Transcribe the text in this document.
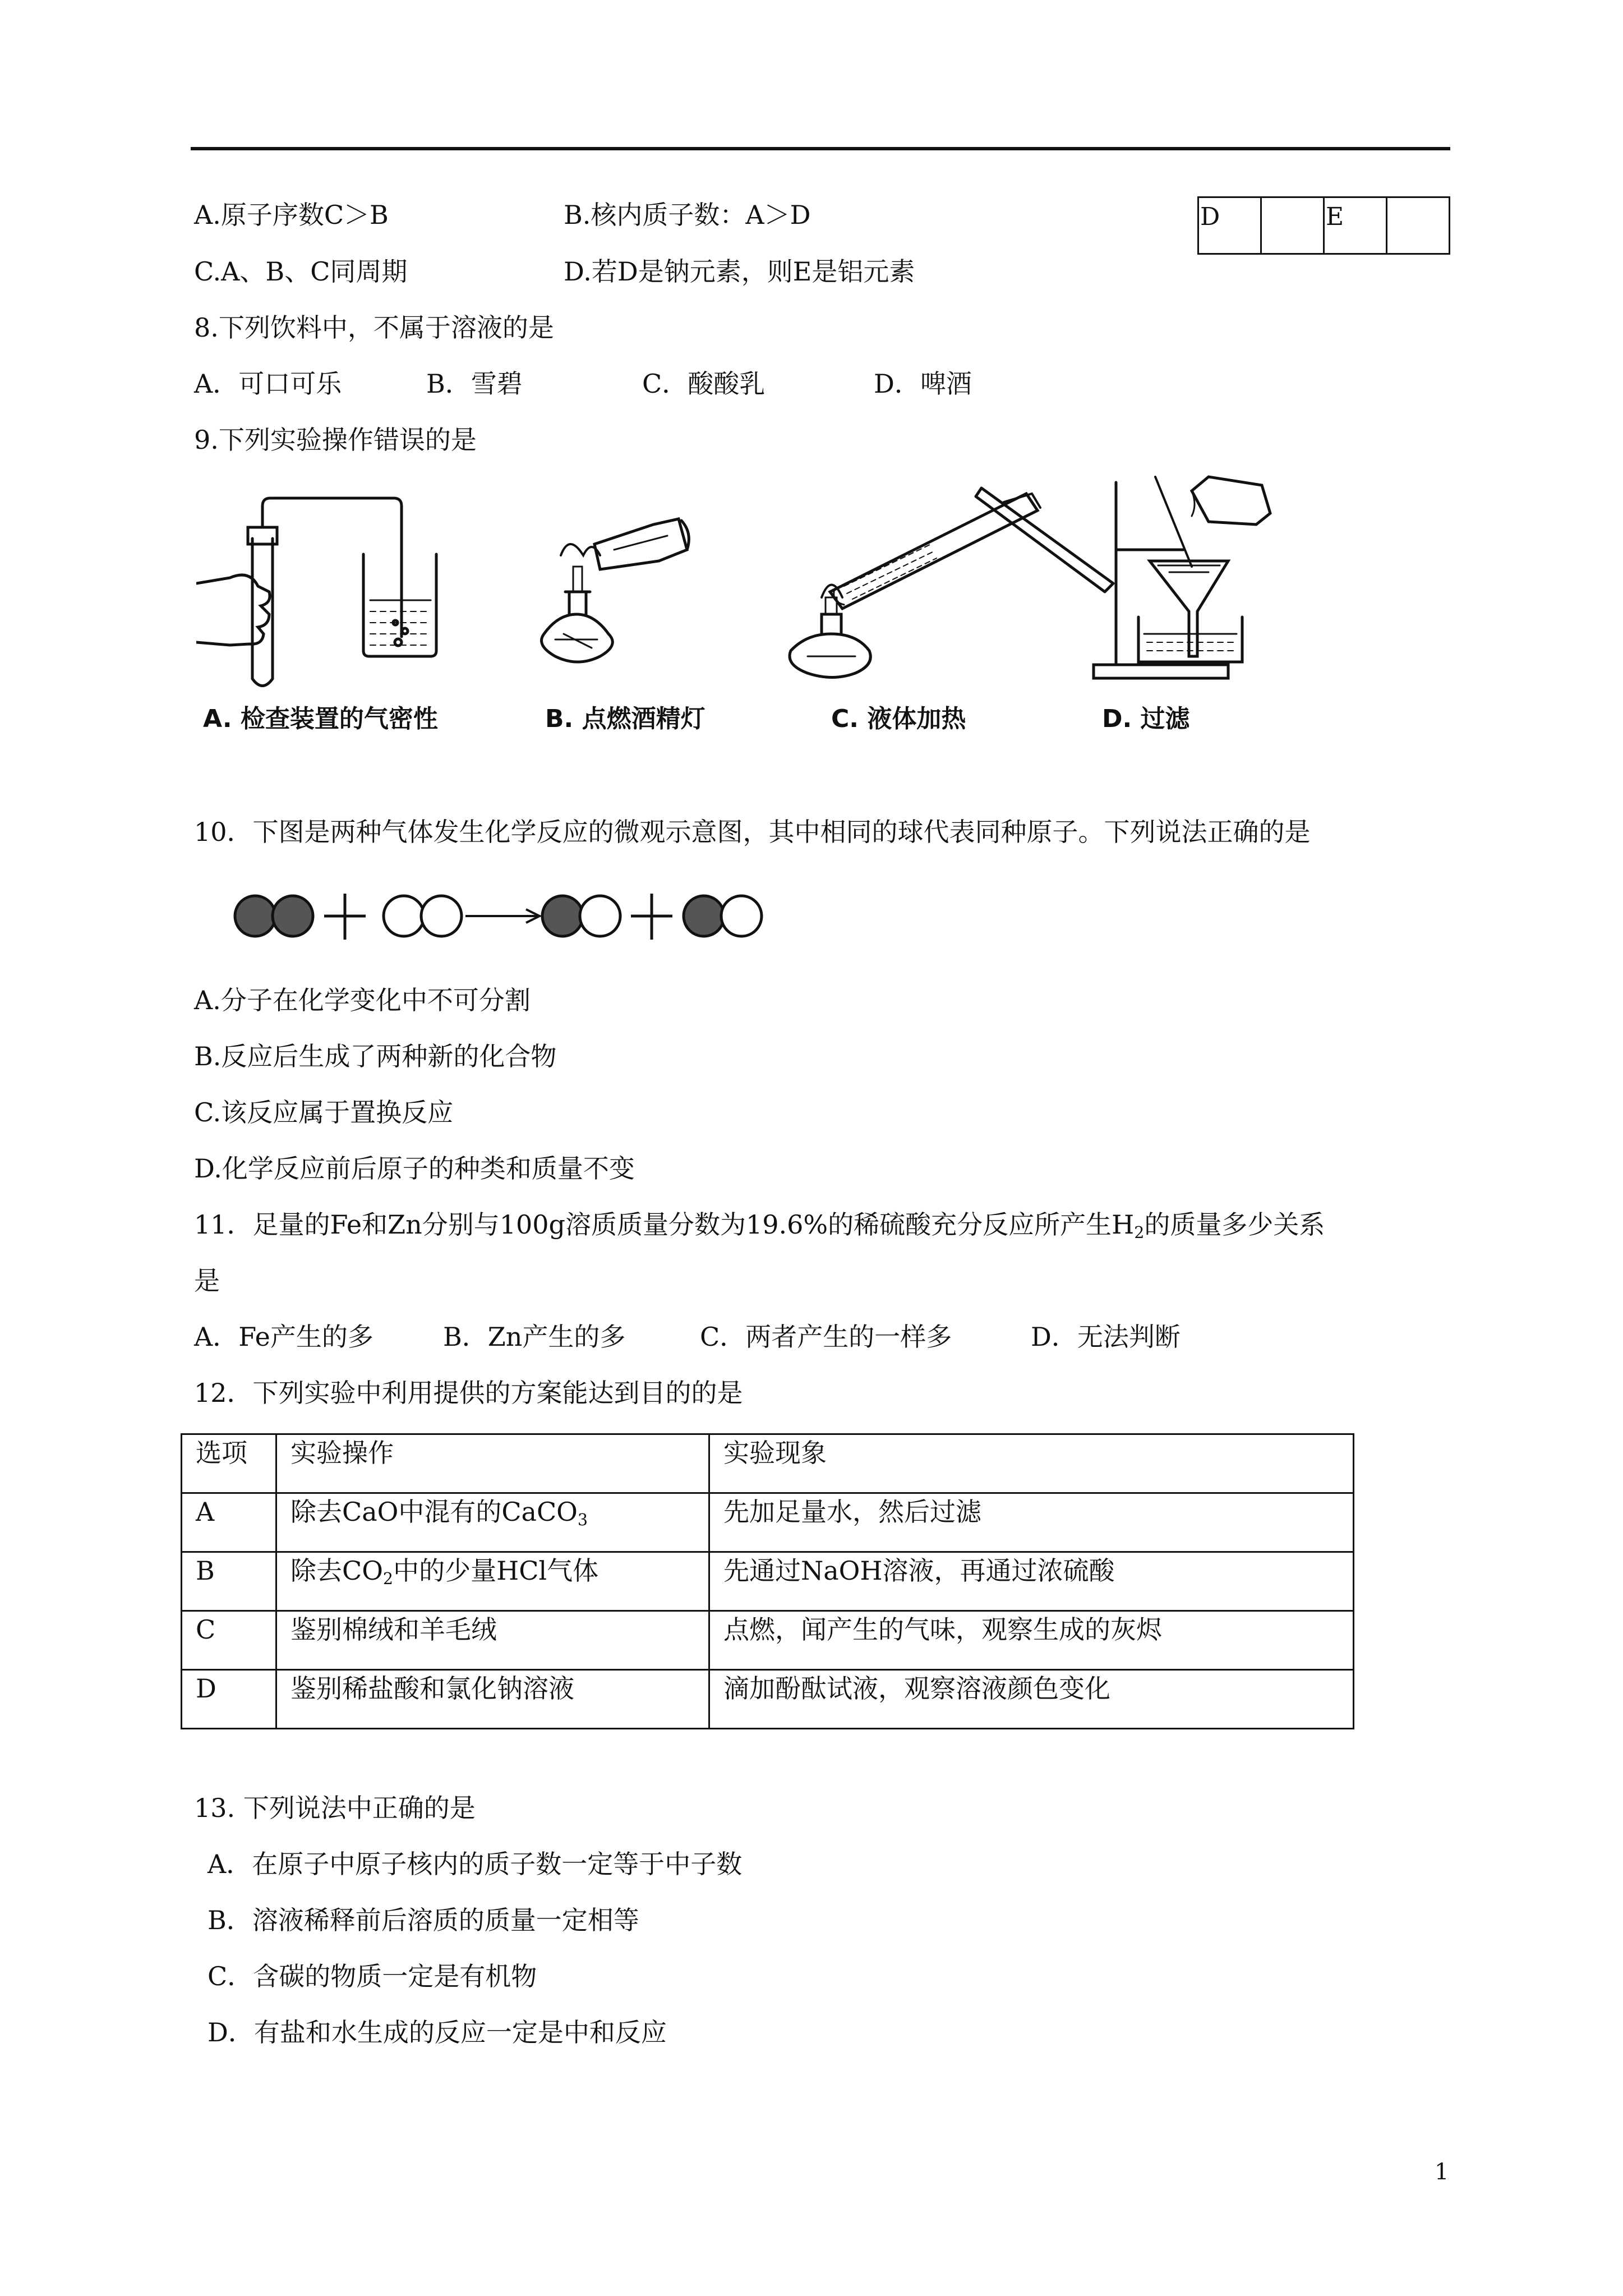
A.原子序数C＞B	B.核内质子数：A＞D
C.A、B、C同周期	D.若D是钠元素，则E是铝元素
D		E	
8.下列饮料中，不属于溶液的是
A．可口可乐	B．雪碧	C．酸酸乳	D．啤酒
9.下列实验操作错误的是
A. 检查装置的气密性	B. 点燃酒精灯	C. 液体加热	D. 过滤
10．下图是两种气体发生化学反应的微观示意图，其中相同的球代表同种原子。下列说法正确的是
A.分子在化学变化中不可分割
B.反应后生成了两种新的化合物
C.该反应属于置换反应
D.化学反应前后原子的种类和质量不变
11．足量的Fe和Zn分别与100g溶质质量分数为19.6%的稀硫酸充分反应所产生$H_2$的质量多少关系
是
A．Fe产生的多	B．Zn产生的多	C．两者产生的一样多	D．无法判断
12．下列实验中利用提供的方案能达到目的的是
选项	实验操作	实验现象
A	除去CaO中混有的CaCO$_3$	先加足量水，然后过滤
B	除去$CO_2$中的少量HCl气体	先通过NaOH溶液，再通过浓硫酸
C	鉴别棉绒和羊毛绒	点燃，闻产生的气味，观察生成的灰烬
D	鉴别稀盐酸和氯化钠溶液	滴加酚酞试液，观察溶液颜色变化
13. 下列说法中正确的是
A．在原子中原子核内的质子数一定等于中子数
B．溶液稀释前后溶质的质量一定相等
C．含碳的物质一定是有机物
D．有盐和水生成的反应一定是中和反应
1
